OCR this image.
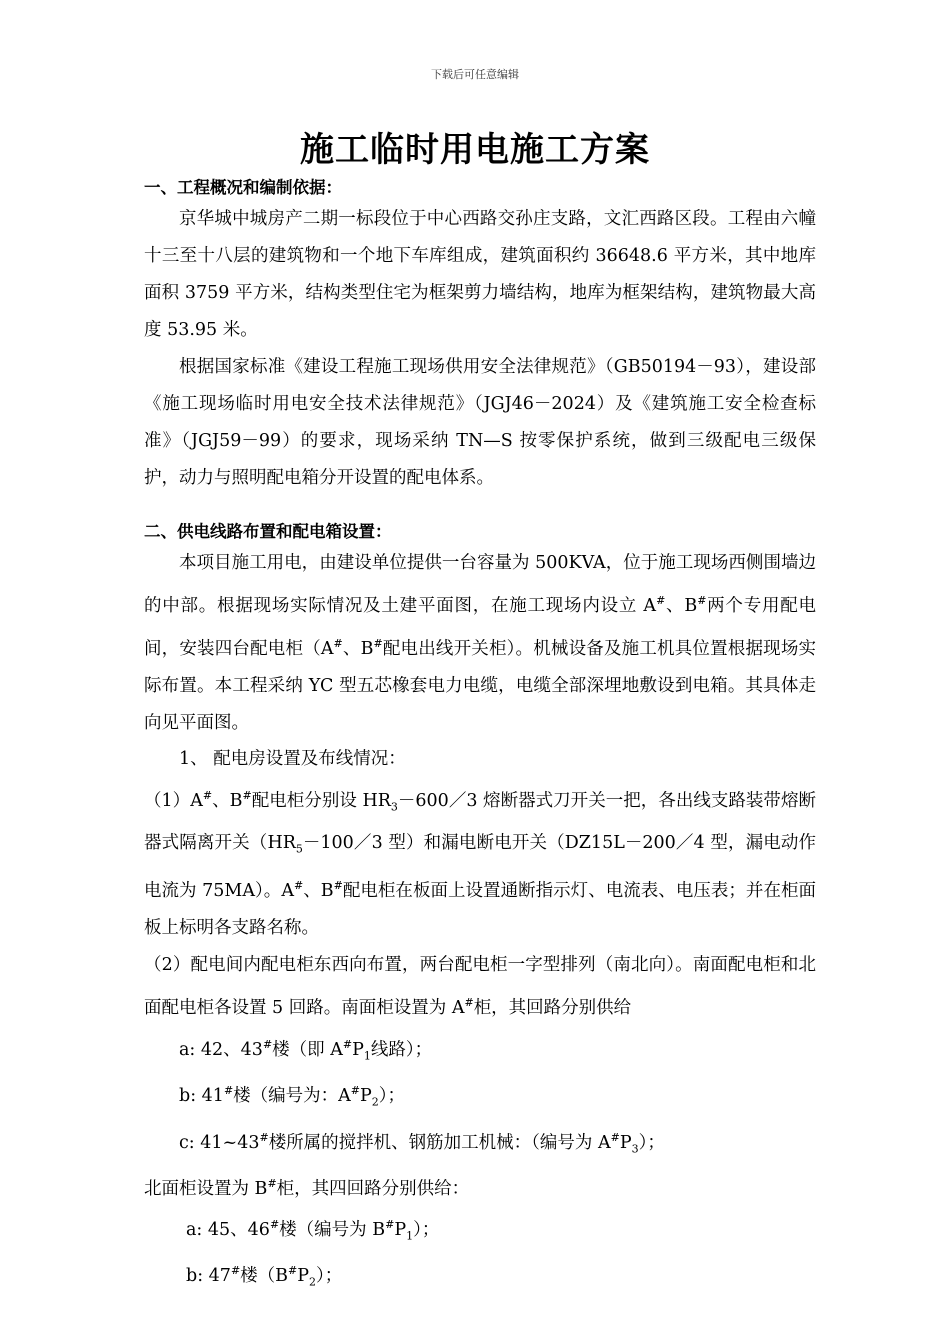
下载后可任意编辑
施工临时用电施工方案

一、工程概况和编制依据：

京华城中城房产二期一标段位于中心西路交孙庄支路，文汇西路区段。工程由六幢十三至十八层的建筑物和一个地下车库组成，建筑面积约 36648.6 平方米，其中地库面积 3759 平方米，结构类型住宅为框架剪力墙结构，地库为框架结构，建筑物最大高度 53.95 米。

根据国家标准《建设工程施工现场供用安全法律规范》（GB50194－93），建设部《施工现场临时用电安全技术法律规范》（JGJ46－2024）及《建筑施工安全检查标准》（JGJ59－99）的要求，现场采纳 TN—S 按零保护系统，做到三级配电三级保护，动力与照明配电箱分开设置的配电体系。

二、供电线路布置和配电箱设置：

本项目施工用电，由建设单位提供一台容量为 500KVA，位于施工现场西侧围墙边的中部。根据现场实际情况及土建平面图，在施工现场内设立 A#、B#两个专用配电间，安装四台配电柜（A#、B#配电出线开关柜）。机械设备及施工机具位置根据现场实际布置。本工程采纳 YC 型五芯橡套电力电缆，电缆全部深埋地敷设到电箱。其具体走向见平面图。

1、 配电房设置及布线情况：

（1）A#、B#配电柜分别设 $HR_3-600/3$ 熔断器式刀开关一把，各出线支路装带熔断器式隔离开关（$HR_5-100/3$ 型）和漏电断电开关（DZ15L－200／4 型，漏电动作电流为 75MA）。A#、B#配电柜在板面上设置通断指示灯、电流表、电压表；并在柜面板上标明各支路名称。

（2）配电间内配电柜东西向布置，两台配电柜一字型排列（南北向）。南面配电柜和北面配电柜各设置 5 回路。南面柜设置为 A#柜，其回路分别供给

a: 42、43#楼（即 $A^{\#}P_1$线路）；

b: 41#楼（编号为：$A^{\#}P_2$）；

c: 41~43#楼所属的搅拌机、钢筋加工机械：（编号为 $A^{\#}P_3$）；

北面柜设置为 B#柜，其四回路分别供给：

a: 45、46#楼（编号为 $B^{\#}P_1$）；

b: 47#楼$(B^{\#}P_2)$；
